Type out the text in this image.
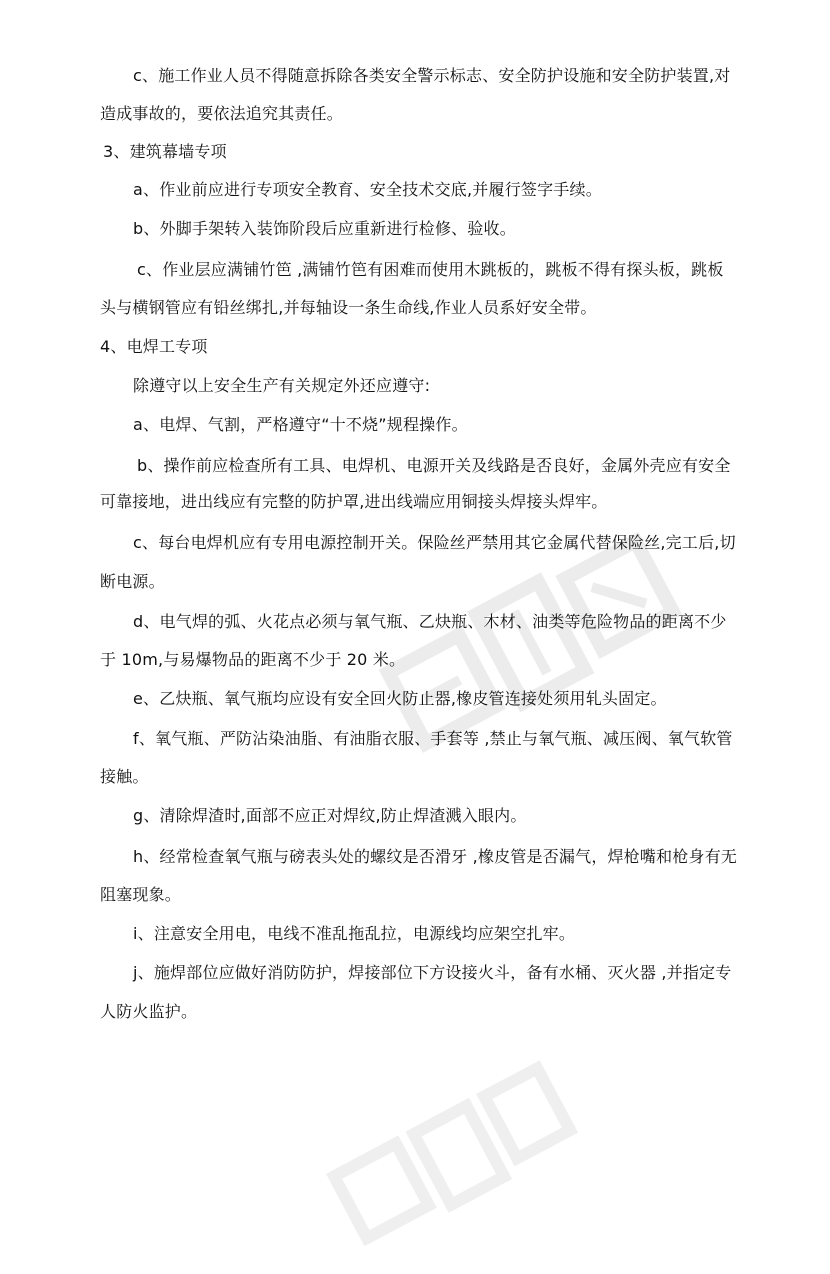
c、施工作业人员不得随意拆除各类安全警示标志、安全防护设施和安全防护装置,对
造成事故的，要依法追究其责任。
3、建筑幕墙专项
a、作业前应进行专项安全教育、安全技术交底,并履行签字手续。
b、外脚手架转入装饰阶段后应重新进行检修、验收。
c、作业层应满铺竹笆 ,满铺竹笆有困难而使用木跳板的，跳板不得有探头板，跳板
头与横钢管应有铅丝绑扎,并每轴设一条生命线,作业人员系好安全带。
4、电焊工专项
除遵守以上安全生产有关规定外还应遵守:
a、电焊、气割，严格遵守“十不烧”规程操作。
b、操作前应检查所有工具、电焊机、电源开关及线路是否良好，金属外壳应有安全
可靠接地，进出线应有完整的防护罩,进出线端应用铜接头焊接头焊牢。
c、每台电焊机应有专用电源控制开关。保险丝严禁用其它金属代替保险丝,完工后,切
断电源。
d、电气焊的弧、火花点必须与氧气瓶、乙炔瓶、木材、油类等危险物品的距离不少
于 10m,与易爆物品的距离不少于 20 米。
e、乙炔瓶、氧气瓶均应设有安全回火防止器,橡皮管连接处须用轧头固定。
f、氧气瓶、严防沾染油脂、有油脂衣服、手套等 ,禁止与氧气瓶、减压阀、氧气软管
接触。
g、清除焊渣时,面部不应正对焊纹,防止焊渣溅入眼内。
h、经常检查氧气瓶与磅表头处的螺纹是否滑牙 ,橡皮管是否漏气，焊枪嘴和枪身有无
阻塞现象。
i、注意安全用电，电线不准乱拖乱拉，电源线均应架空扎牢。
j、施焊部位应做好消防防护，焊接部位下方设接火斗，备有水桶、灭火器 ,并指定专
人防火监护。
